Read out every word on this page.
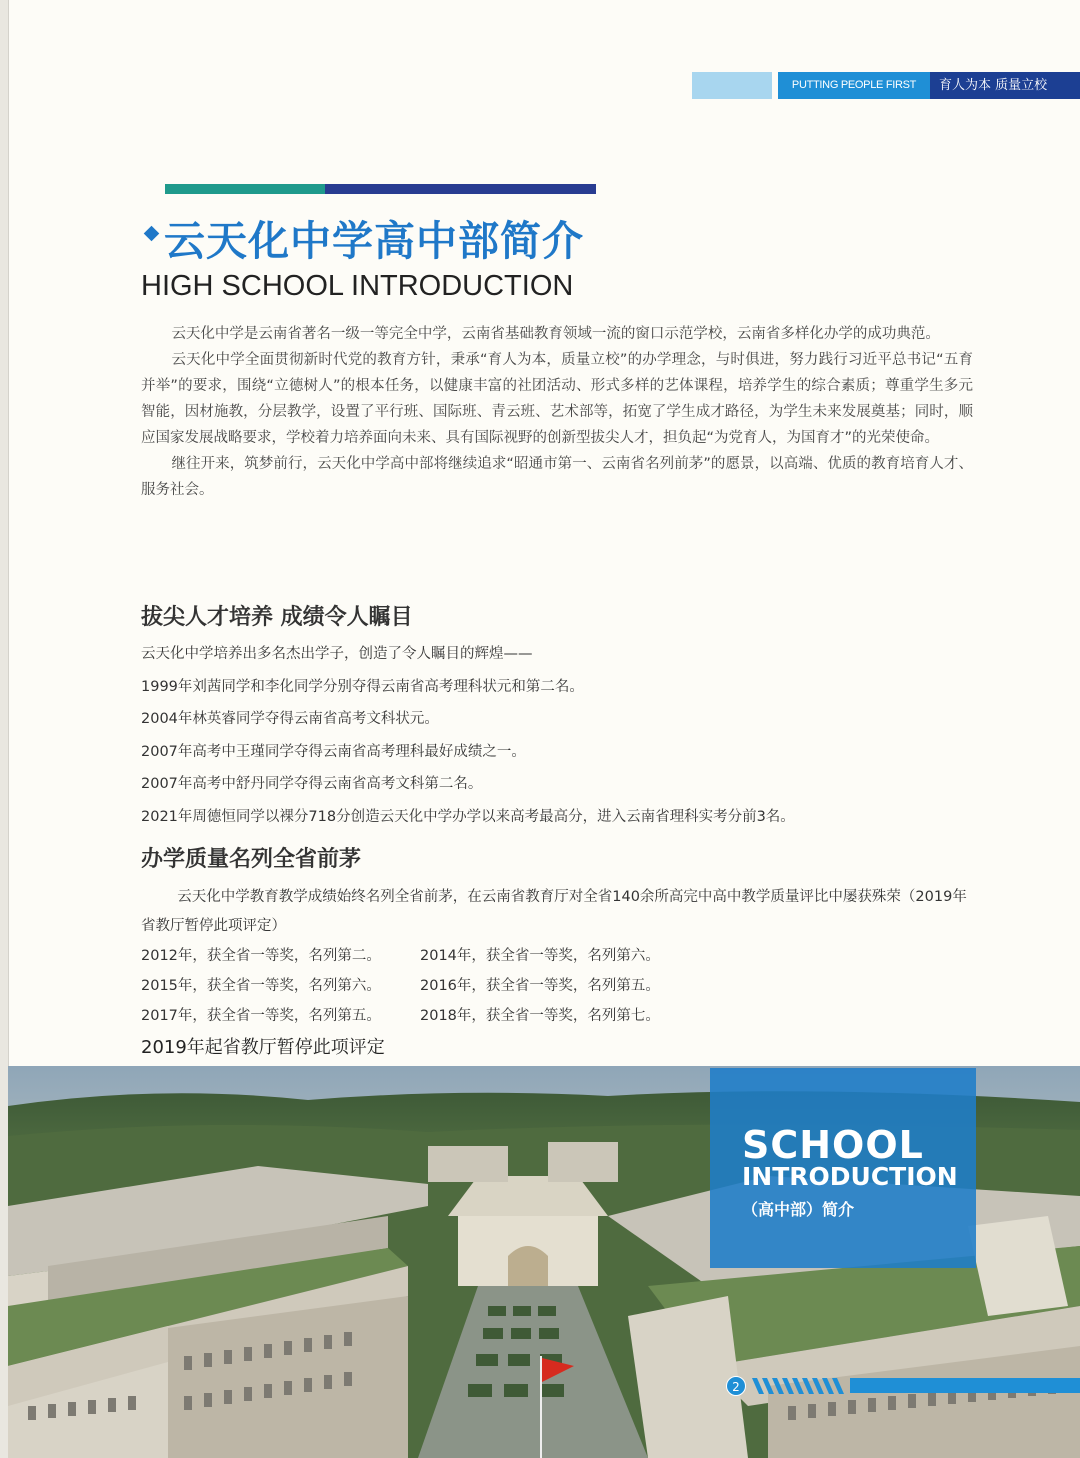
PUTTING PEOPLE FIRST	育人为本 质量立校
云天化中学高中部简介
HIGH SCHOOL INTRODUCTION

云天化中学是云南省著名一级一等完全中学，云南省基础教育领域一流的窗口示范学校，云南省多样化办学的成功典范。

云天化中学全面贯彻新时代党的教育方针，秉承“育人为本，质量立校”的办学理念，与时俱进，努力践行习近平总书记“五育并举”的要求，围绕“立德树人”的根本任务，以健康丰富的社团活动、形式多样的艺体课程，培养学生的综合素质；尊重学生多元智能，因材施教，分层教学，设置了平行班、国际班、青云班、艺术部等，拓宽了学生成才路径，为学生未来发展奠基；同时，顺应国家发展战略要求，学校着力培养面向未来、具有国际视野的创新型拔尖人才，担负起“为党育人，为国育才”的光荣使命。

继往开来，筑梦前行，云天化中学高中部将继续追求“昭通市第一、云南省名列前茅”的愿景，以高端、优质的教育培育人才、服务社会。

拔尖人才培养 成绩令人瞩目
云天化中学培养出多名杰出学子，创造了令人瞩目的辉煌——
1999年刘茜同学和李化同学分别夺得云南省高考理科状元和第二名。
2004年林英睿同学夺得云南省高考文科状元。
2007年高考中王瑾同学夺得云南省高考理科最好成绩之一。
2007年高考中舒丹同学夺得云南省高考文科第二名。
2021年周德恒同学以裸分718分创造云天化中学办学以来高考最高分，进入云南省理科实考分前3名。
办学质量名列全省前茅
云天化中学教育教学成绩始终名列全省前茅，在云南省教育厅对全省140余所高完中高中教学质量评比中屡获殊荣（2019年省教厅暂停此项评定）
2012年，获全省一等奖，名列第二。	2014年，获全省一等奖，名列第六。
2015年，获全省一等奖，名列第六。	2016年，获全省一等奖，名列第五。
2017年，获全省一等奖，名列第五。	2018年，获全省一等奖，名列第七。
2019年起省教厅暂停此项评定
SCHOOL
INTRODUCTION
（高中部）简介
2
